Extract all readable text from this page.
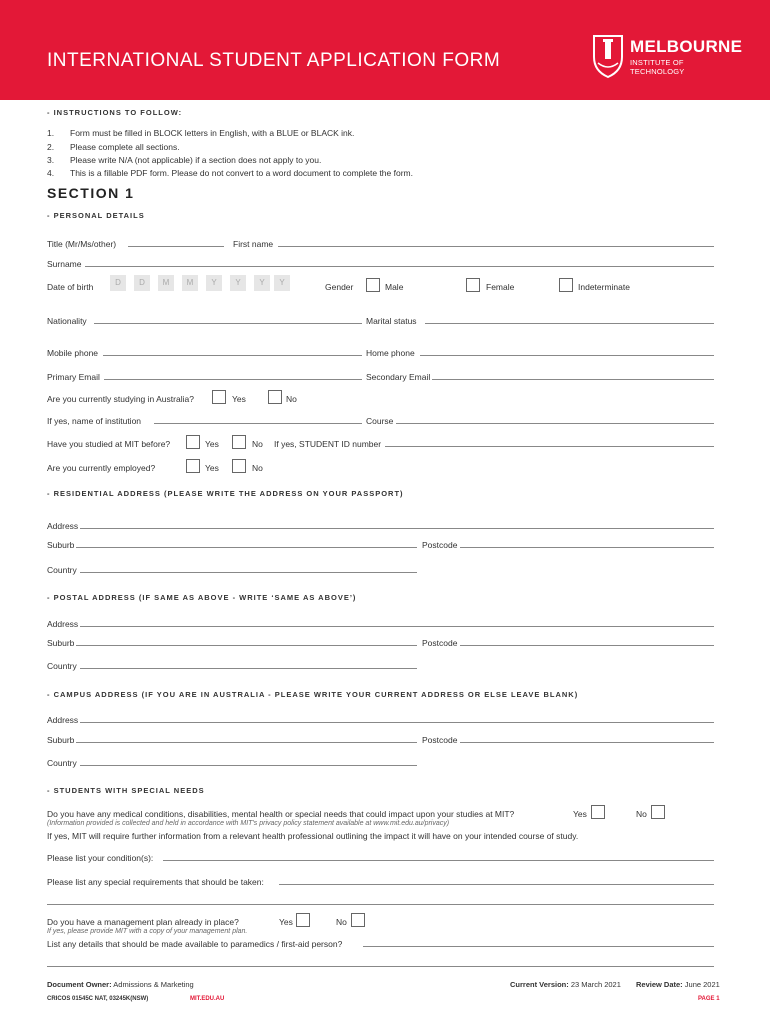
INTERNATIONAL STUDENT APPLICATION FORM
MELBOURNE
INSTITUTE OF TECHNOLOGY
- INSTRUCTIONS TO FOLLOW:
1. Form must be filled in BLOCK letters in English, with a BLUE or BLACK ink.
2. Please complete all sections.
3. Please write N/A (not applicable) if a section does not apply to you.
4. This is a fillable PDF form. Please do not convert to a word document to complete the form.
SECTION 1
- PERSONAL DETAILS
Title (Mr/Ms/other)	First name
Surname
Date of birth	D	D	M	M	Y	Y	Y	Y	Gender	Male	Female	Indeterminate
Nationality	Marital status
Mobile phone	Home phone
Primary Email	Secondary Email
Are you currently studying in Australia?	Yes	No
If yes, name of institution	Course
Have you studied at MIT before?	Yes	No If yes, STUDENT ID number
Are you currently employed?	Yes	No
- RESIDENTIAL ADDRESS (PLEASE WRITE THE ADDRESS ON YOUR PASSPORT)
Address
Suburb	Postcode
Country
- POSTAL ADDRESS (IF SAME AS ABOVE - WRITE ‘SAME AS ABOVE’)
Address
Suburb	Postcode
Country
- CAMPUS ADDRESS (IF YOU ARE IN AUSTRALIA - PLEASE WRITE YOUR CURRENT ADDRESS OR ELSE LEAVE BLANK)
Address
Suburb	Postcode
Country
- STUDENTS WITH SPECIAL NEEDS
Do you have any medical conditions, disabilities, mental health or special needs that could impact upon your studies at MIT?	Yes	No
(Information provided is collected and held in accordance with MIT's privacy policy statement available at www.mit.edu.au/privacy)
If yes, MIT will require further information from a relevant health professional outlining the impact it will have on your intended course of study.
Please list your condition(s):
Please list any special requirements that should be taken:
Do you have a management plan already in place?	Yes	No
If yes, please provide MIT with a copy of your management plan.
List any details that should be made available to paramedics / first-aid person?
Document Owner: Admissions & Marketing	Current Version: 23 March 2021 Review Date: June 2021
CRICOS 01545C NAT, 03245K(NSW)	MIT.EDU.AU	PAGE 1
